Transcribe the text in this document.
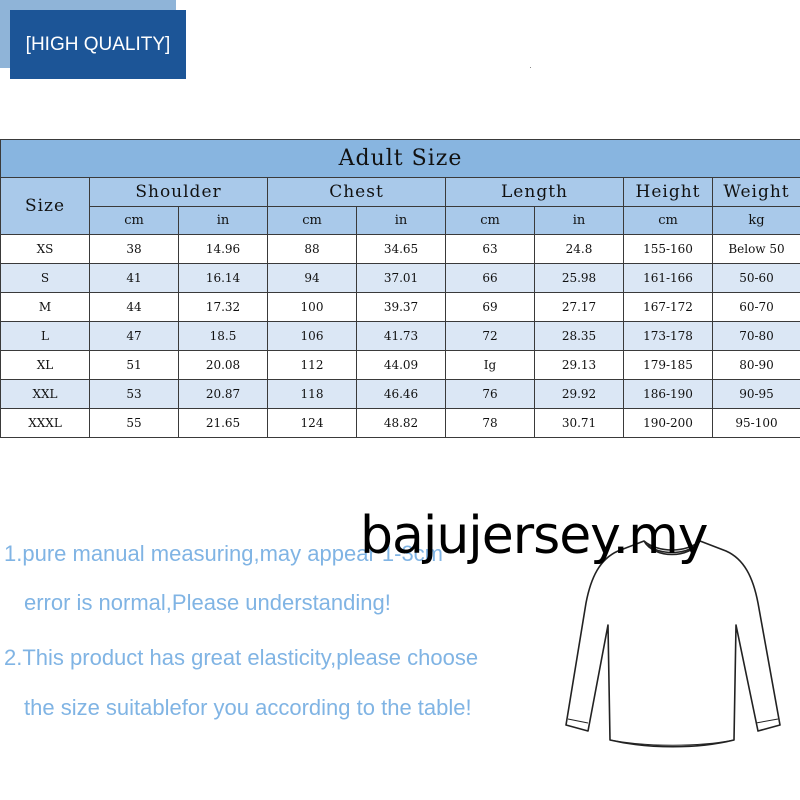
[HIGH QUALITY]
Adult Size								
Size	Shoulder		Chest		Length		Height	Weight
	cm	in	cm	in	cm	in	cm	kg
XS	38	14.96	88	34.65	63	24.8	155-160	Below 50
S	41	16.14	94	37.01	66	25.98	161-166	50-60
M	44	17.32	100	39.37	69	27.17	167-172	60-70
L	47	18.5	106	41.73	72	28.35	173-178	70-80
XL	51	20.08	112	44.09	Ig	29.13	179-185	80-90
XXL	53	20.87	118	46.46	76	29.92	186-190	90-95
XXXL	55	21.65	124	48.82	78	30.71	190-200	95-100
1.pure manual measuring,may appear 1-3cm
error is normal,Please understanding!
2.This product has great elasticity,please choose
the size suitablefor you according to the table!
bajujersey.my
